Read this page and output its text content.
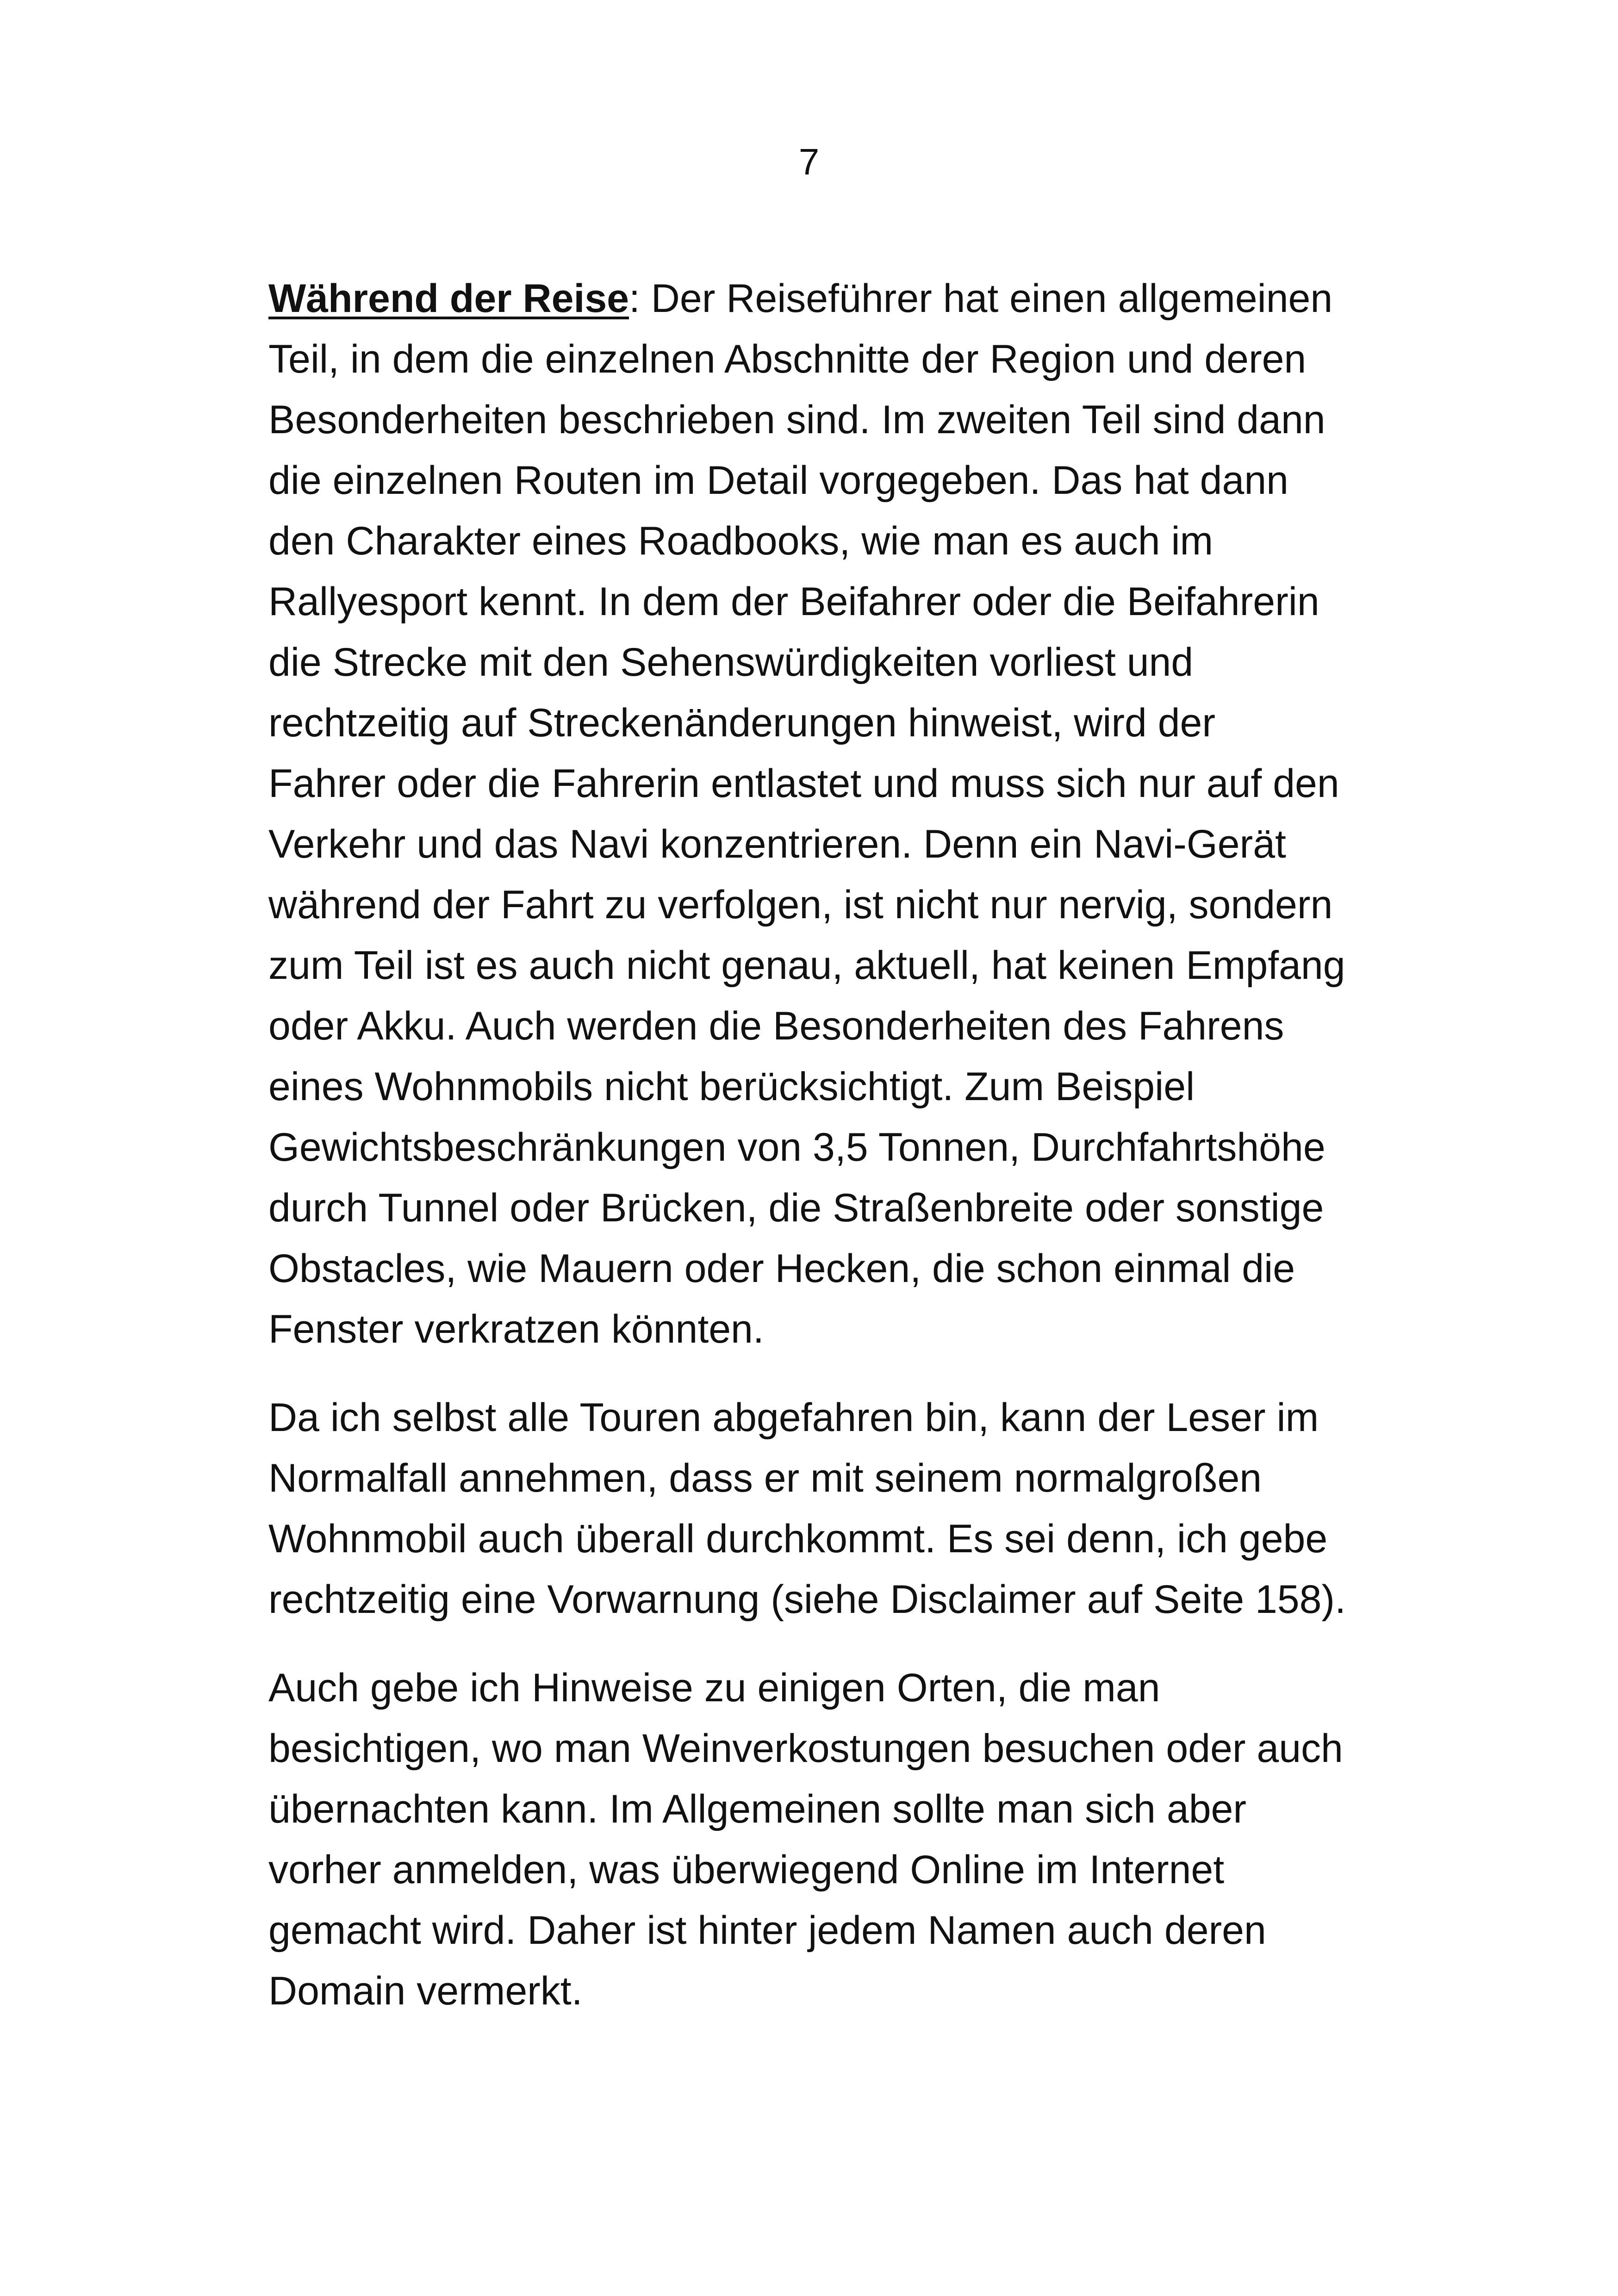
7

Während der Reise: Der Reiseführer hat einen allgemeinen
Teil, in dem die einzelnen Abschnitte der Region und deren
Besonderheiten beschrieben sind. Im zweiten Teil sind dann
die einzelnen Routen im Detail vorgegeben. Das hat dann
den Charakter eines Roadbooks, wie man es auch im
Rallyesport kennt. In dem der Beifahrer oder die Beifahrerin
die Strecke mit den Sehenswürdigkeiten vorliest und
rechtzeitig auf Streckenänderungen hinweist, wird der
Fahrer oder die Fahrerin entlastet und muss sich nur auf den
Verkehr und das Navi konzentrieren. Denn ein Navi-Gerät
während der Fahrt zu verfolgen, ist nicht nur nervig, sondern
zum Teil ist es auch nicht genau, aktuell, hat keinen Empfang
oder Akku. Auch werden die Besonderheiten des Fahrens
eines Wohnmobils nicht berücksichtigt. Zum Beispiel
Gewichtsbeschränkungen von 3,5 Tonnen, Durchfahrtshöhe
durch Tunnel oder Brücken, die Straßenbreite oder sonstige
Obstacles, wie Mauern oder Hecken, die schon einmal die
Fenster verkratzen könnten.

Da ich selbst alle Touren abgefahren bin, kann der Leser im
Normalfall annehmen, dass er mit seinem normalgroßen
Wohnmobil auch überall durchkommt. Es sei denn, ich gebe
rechtzeitig eine Vorwarnung (siehe Disclaimer auf Seite 158).

Auch gebe ich Hinweise zu einigen Orten, die man
besichtigen, wo man Weinverkostungen besuchen oder auch
übernachten kann. Im Allgemeinen sollte man sich aber
vorher anmelden, was überwiegend Online im Internet
gemacht wird. Daher ist hinter jedem Namen auch deren
Domain vermerkt.
